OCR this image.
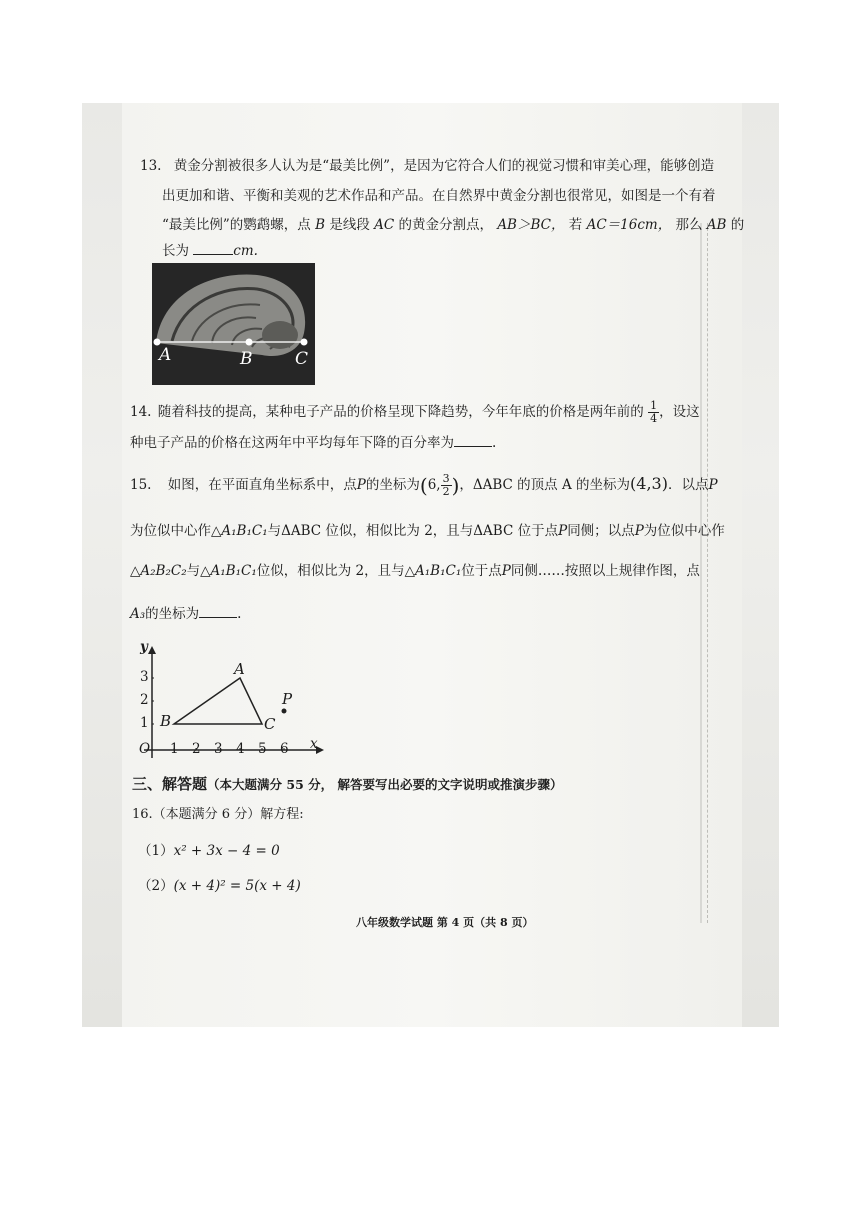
13. 黄金分割被很多人认为是“最美比例”，是因为它符合人们的视觉习惯和审美心理，能够创造
出更加和谐、平衡和美观的艺术作品和产品。在自然界中黄金分割也很常见，如图是一个有着
“最美比例”的鹦鹉螺，点 B 是线段 AC 的黄金分割点， AB＞BC， 若 AC＝16cm， 那么 AB 的
长为	cm.
A	B	C
14. 随着科技的提高，某种电子产品的价格呈现下降趋势，今年年底的价格是两年前的 $\frac{1}{4}$ ，设这
种电子产品的价格在这两年中平均每年下降的百分率为	.
15. 如图，在平面直角坐标系中，点P的坐标为(6, $\frac{3}{2}$ )，ΔABC 的顶点 A 的坐标为(4,3)．以点P
为位似中心作△A₁B₁C₁与ΔABC 位似，相似比为 2，且与ΔABC 位于点P同侧；以点P为位似中心作
△A₂B₂C₂与△A₁B₁C₁位似，相似比为 2，且与△A₁B₁C₁位于点P同侧……按照以上规律作图，点
A₃的坐标为	.
y
x
O 1 2 3 4 5 6
1
2
3	A
B	C
P
三、解答题（本大题满分 55 分， 解答要写出必要的文字说明或推演步骤）
16.（本题满分 6 分）解方程:
（1）x² + 3x − 4 = 0
（2）(x + 4)² = 5(x + 4)
八年级数学试题 第 4 页（共 8 页）
